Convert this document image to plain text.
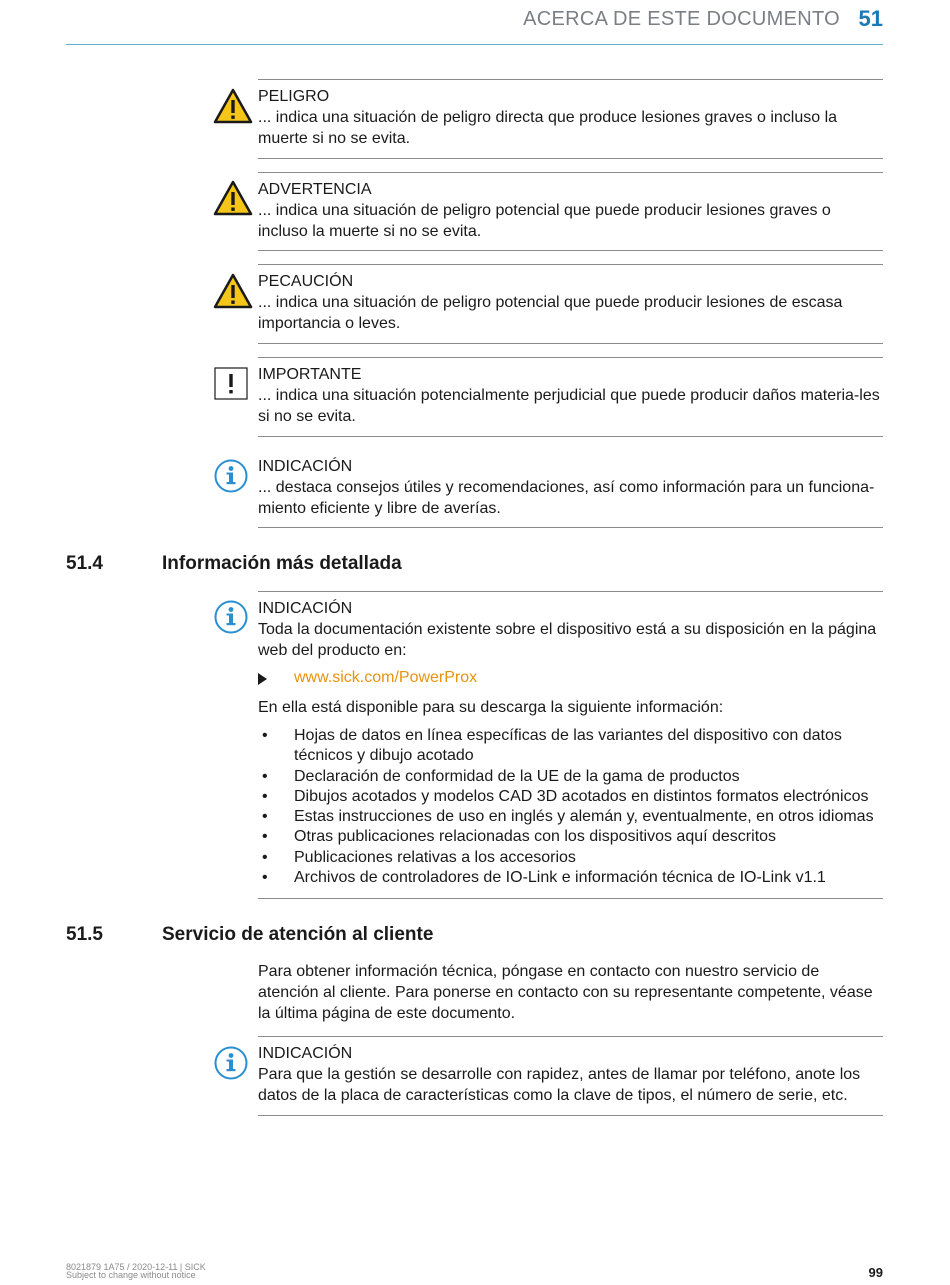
ACERCA DE ESTE DOCUMENTO 51
PELIGRO
... indica una situación de peligro directa que produce lesiones graves o incluso la muerte si no se evita.
ADVERTENCIA
... indica una situación de peligro potencial que puede producir lesiones graves o incluso la muerte si no se evita.
PECAUCIÓN
... indica una situación de peligro potencial que puede producir lesiones de escasa importancia o leves.
IMPORTANTE
... indica una situación potencialmente perjudicial que puede producir daños materia-les si no se evita.
INDICACIÓN
... destaca consejos útiles y recomendaciones, así como información para un funciona-miento eficiente y libre de averías.
51.4	Información más detallada
INDICACIÓN
Toda la documentación existente sobre el dispositivo está a su disposición en la página web del producto en:
www.sick.com/PowerProx
En ella está disponible para su descarga la siguiente información:
• Hojas de datos en línea específicas de las variantes del dispositivo con datos técnicos y dibujo acotado
• Declaración de conformidad de la UE de la gama de productos
• Dibujos acotados y modelos CAD 3D acotados en distintos formatos electrónicos
• Estas instrucciones de uso en inglés y alemán y, eventualmente, en otros idiomas
• Otras publicaciones relacionadas con los dispositivos aquí descritos
• Publicaciones relativas a los accesorios
• Archivos de controladores de IO-Link e información técnica de IO-Link v1.1
51.5	Servicio de atención al cliente
Para obtener información técnica, póngase en contacto con nuestro servicio de atención al cliente. Para ponerse en contacto con su representante competente, véase la última página de este documento.
INDICACIÓN
Para que la gestión se desarrolle con rapidez, antes de llamar por teléfono, anote los datos de la placa de características como la clave de tipos, el número de serie, etc.
8021879 1A75 / 2020-12-11 | SICK
Subject to change without notice	99
